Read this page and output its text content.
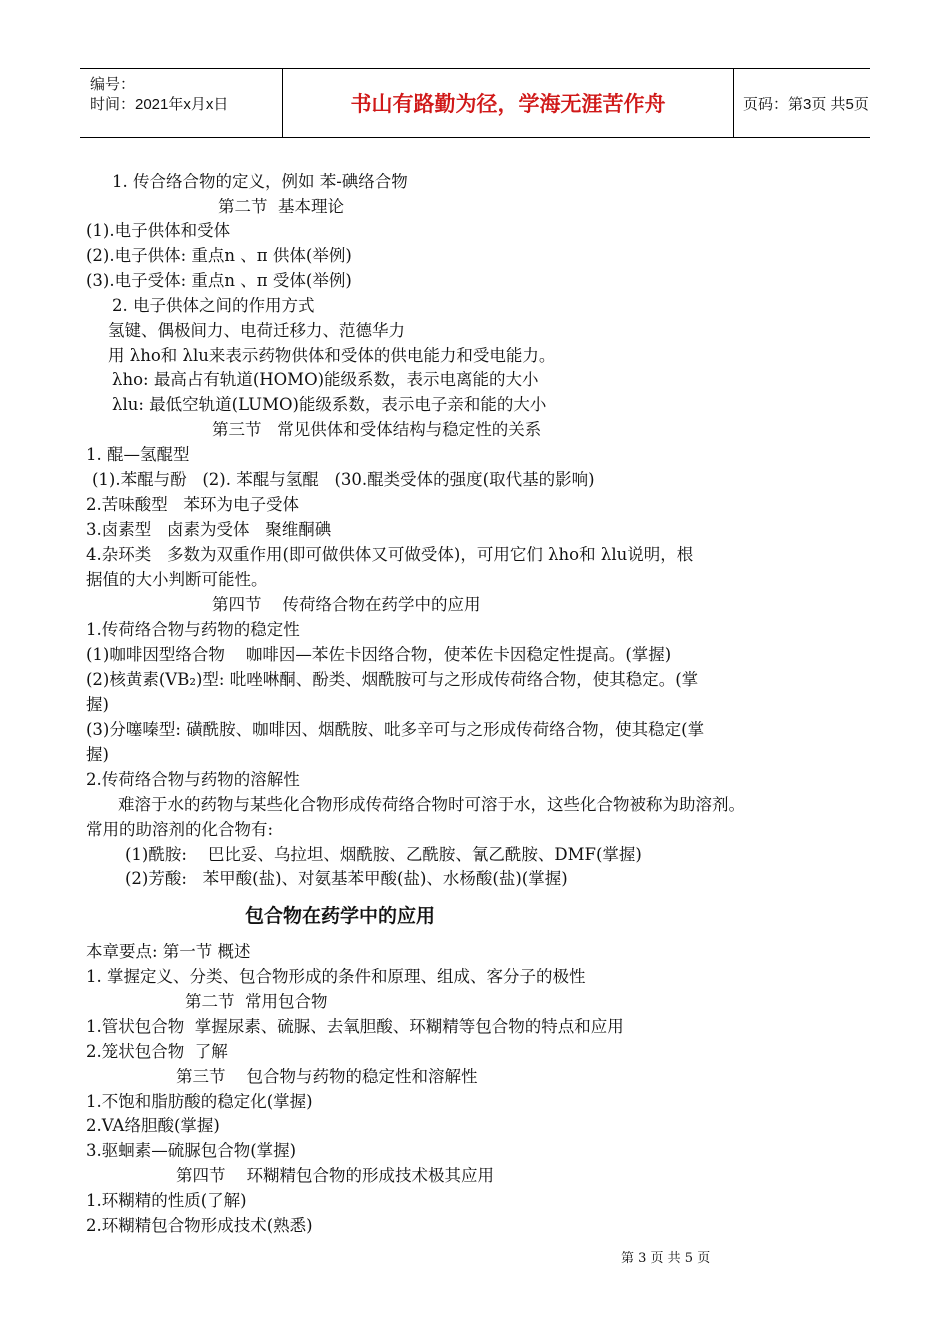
编号：
时间：2021年x月x日	书山有路勤为径，学海无涯苦作舟	页码：第3页 共5页
1. 传合络合物的定义，例如 苯-碘络合物
第二节  基本理论
(1).电子供体和受体
(2).电子供体: 重点n 、π 供体(举例)
(3).电子受体: 重点n 、π 受体(举例)
2. 电子供体之间的作用方式
氢键、偶极间力、电荷迁移力、范德华力
用 λho和 λlu来表示药物供体和受体的供电能力和受电能力。
λho: 最高占有轨道(HOMO)能级系数，表示电离能的大小
λlu: 最低空轨道(LUMO)能级系数，表示电子亲和能的大小
第三节   常见供体和受体结构与稳定性的关系
1. 醌—氢醌型
(1).苯醌与酚   (2). 苯醌与氢醌   (30.醌类受体的强度(取代基的影响)
2.苦味酸型   苯环为电子受体
3.卤素型   卤素为受体   聚维酮碘
4.杂环类   多数为双重作用(即可做供体又可做受体)，可用它们 λho和 λlu说明，根
据值的大小判断可能性。
第四节    传荷络合物在药学中的应用
1.传荷络合物与药物的稳定性
(1)咖啡因型络合物    咖啡因—苯佐卡因络合物，使苯佐卡因稳定性提高。(掌握)
(2)核黄素(VB₂)型: 吡唑啉酮、酚类、烟酰胺可与之形成传荷络合物，使其稳定。(掌
握)
(3)分噻嗪型: 磺酰胺、咖啡因、烟酰胺、吡多辛可与之形成传荷络合物，使其稳定(掌
握)
2.传荷络合物与药物的溶解性
难溶于水的药物与某些化合物形成传荷络合物时可溶于水，这些化合物被称为助溶剂。
常用的助溶剂的化合物有:
(1)酰胺:    巴比妥、乌拉坦、烟酰胺、乙酰胺、氰乙酰胺、DMF(掌握)
(2)芳酸:   苯甲酸(盐)、对氨基苯甲酸(盐)、水杨酸(盐)(掌握)
包合物在药学中的应用
本章要点: 第一节 概述
1. 掌握定义、分类、包合物形成的条件和原理、组成、客分子的极性
第二节  常用包合物
1.管状包合物  掌握尿素、硫脲、去氧胆酸、环糊精等包合物的特点和应用
2.笼状包合物  了解
第三节    包合物与药物的稳定性和溶解性
1.不饱和脂肪酸的稳定化(掌握)
2.VA络胆酸(掌握)
3.驱蛔素—硫脲包合物(掌握)
第四节    环糊精包合物的形成技术极其应用
1.环糊精的性质(了解)
2.环糊精包合物形成技术(熟悉)
第 3 页 共 5 页
